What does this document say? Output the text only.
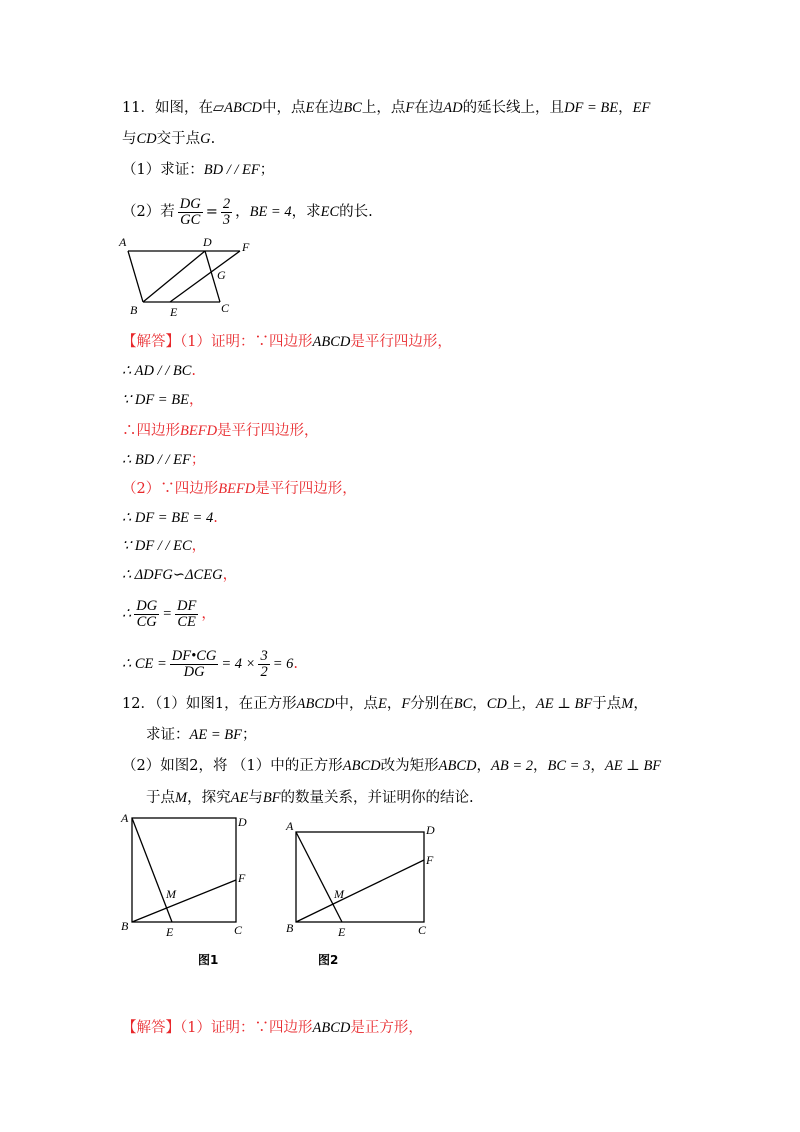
11．如图，在▱ABCD中，点E在边BC上，点F在边AD的延长线上，且DF = BE，EF
与CD交于点G.
（1）求证：BD / / EF；
（2）若 $\frac{DG}{GC} = \frac{2}{3}$ ，BE = 4，求EC的长.
A	D	F
G
B	E	C
【解答】（1）证明：∵四边形ABCD是平行四边形，
∴ AD / / BC.
∵ DF = BE，
∴四边形BEFD是平行四边形，
∴ BD / / EF；
（2）∵四边形BEFD是平行四边形，
∴ DF = BE = 4.
∵ DF / / EC，
∴ ΔDFG∽ΔCEG，
∴ $\frac{DG}{CG} = \frac{DF}{CE}$ ，
∴ CE = $\frac{DF•CG}{DG} = 4 \times \frac{3}{2} = 6$.
12．（1）如图1，在正方形ABCD中，点E，F分别在BC，CD上，AE ⊥ BF于点M，
求证：AE = BF；
（2）如图2，将 （1）中的正方形ABCD改为矩形ABCD，AB = 2，BC = 3，AE ⊥ BF
于点M，探究AE与BF的数量关系，并证明你的结论.
A	D
F
M
B	E	C
图1
A	D
F
M
B	E	C
图2
【解答】（1）证明：∵四边形ABCD是正方形，
